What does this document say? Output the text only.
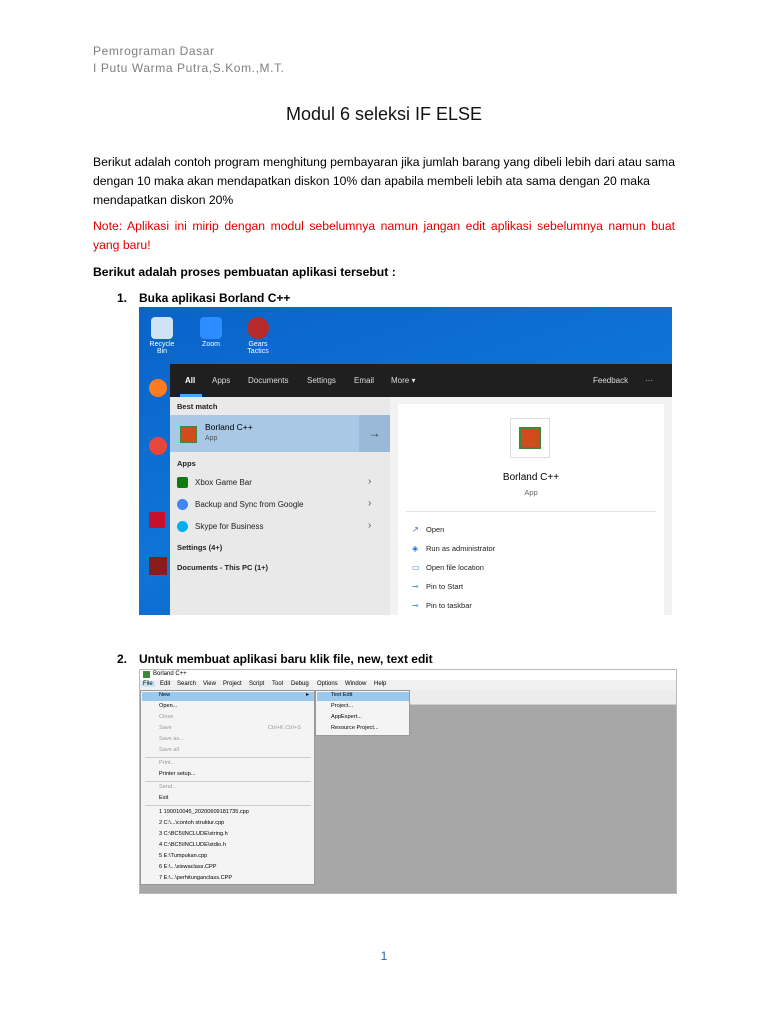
Pemrograman Dasar
I Putu Warma Putra,S.Kom.,M.T.
Modul 6 seleksi IF ELSE
Berikut adalah contoh program menghitung pembayaran jika jumlah barang yang dibeli lebih dari atau sama dengan 10 maka akan mendapatkan diskon 10% dan apabila membeli lebih ata sama dengan 20 maka mendapatkan diskon 20%
Note: Aplikasi ini mirip dengan modul sebelumnya namun jangan edit aplikasi sebelumnya namun buat yang baru!
Berikut adalah proses pembuatan aplikasi tersebut :
1. Buka aplikasi Borland C++
Recycle Bin
Zoom	Gears Tactics
All Apps Documents Settings Email More ▾	Feedback ···
Best match
Borland C++
App	→
Apps
Xbox Game Bar	›
Backup and Sync from Google	›
Skype for Business	›
Settings (4+)
Documents - This PC (1+)
Borland C++
App
↗ Open
◈ Run as administrator
▭ Open file location
⊸ Pin to Start
⊸ Pin to taskbar
2. Untuk membuat aplikasi baru klik file, new, text edit
Borland C++
File	Edit Search View Project Script Tool Debug Options Window Help
New	▸
Open...
Close
Save	Ctrl+K Ctrl+S
Save as...
Save all
Print...
Printer setup...
Send...
Exit
1 190010045_20200609181735.cpp
2 C:\...\contoh struktur.cpp
3 C:\BC5\INCLUDE\string.h
4 C:\BC5\INCLUDE\stdio.h
5 E:\Tumpukan.cpp
6 E:\...\siswaclass.CPP
7 E:\...\perhitunganclass.CPP
Text Edit
Project...
AppExpert...
Resource Project...
1
